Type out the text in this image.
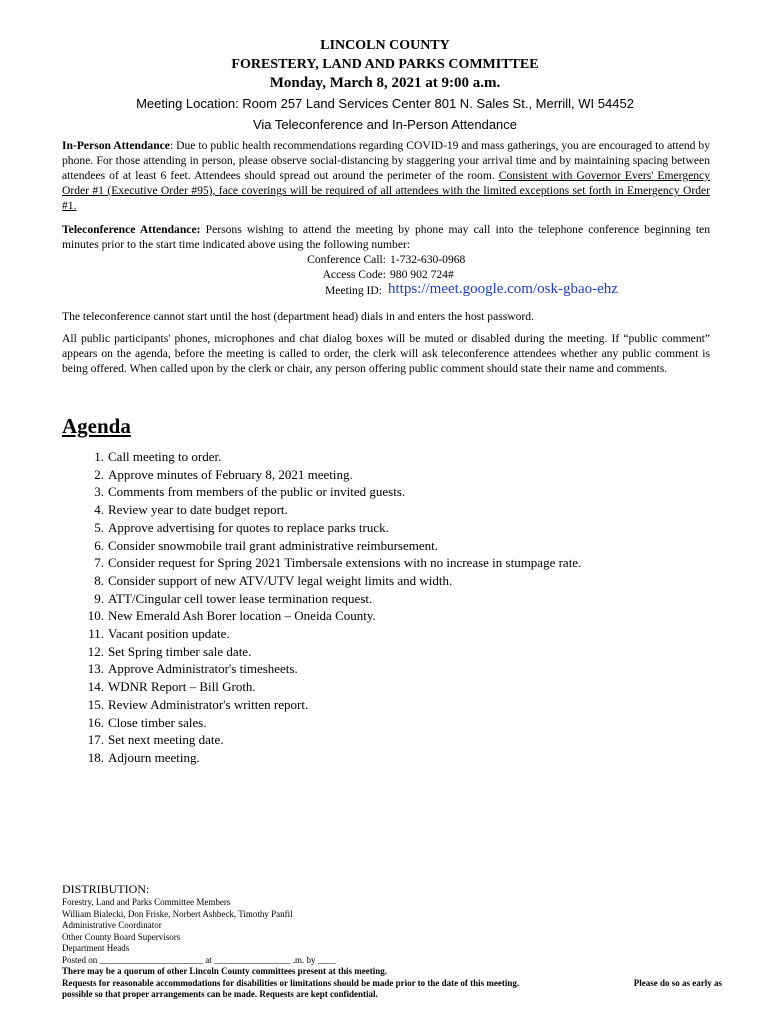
LINCOLN COUNTY
FORESTERY, LAND AND PARKS COMMITTEE
Monday, March 8, 2021 at 9:00 a.m.
Meeting Location: Room 257 Land Services Center 801 N. Sales St., Merrill, WI 54452
Via Teleconference and In-Person Attendance

In-Person Attendance: Due to public health recommendations regarding COVID-19 and mass gatherings, you are encouraged to attend by phone. For those attending in person, please observe social-distancing by staggering your arrival time and by maintaining spacing between attendees of at least 6 feet. Attendees should spread out around the perimeter of the room. Consistent with Governor Evers' Emergency Order #1 (Executive Order #95), face coverings will be required of all attendees with the limited exceptions set forth in Emergency Order #1.

Teleconference Attendance: Persons wishing to attend the meeting by phone may call into the telephone conference beginning ten minutes prior to the start time indicated above using the following number:

Conference Call: 1-732-630-0968
Access Code: 980 902 724#
Meeting ID: https://meet.google.com/osk-gbao-ehz

The teleconference cannot start until the host (department head) dials in and enters the host password.

All public participants' phones, microphones and chat dialog boxes will be muted or disabled during the meeting. If “public comment” appears on the agenda, before the meeting is called to order, the clerk will ask teleconference attendees whether any public comment is being offered. When called upon by the clerk or chair, any person offering public comment should state their name and comments.

Agenda
1. Call meeting to order.
2. Approve minutes of February 8, 2021 meeting.
3. Comments from members of the public or invited guests.
4. Review year to date budget report.
5. Approve advertising for quotes to replace parks truck.
6. Consider snowmobile trail grant administrative reimbursement.
7. Consider request for Spring 2021 Timbersale extensions with no increase in stumpage rate.
8. Consider support of new ATV/UTV legal weight limits and width.
9. ATT/Cingular cell tower lease termination request.
10. New Emerald Ash Borer location – Oneida County.
11. Vacant position update.
12. Set Spring timber sale date.
13. Approve Administrator's timesheets.
14. WDNR Report – Bill Groth.
15. Review Administrator's written report.
16. Close timber sales.
17. Set next meeting date.
18. Adjourn meeting.
DISTRIBUTION:
Forestry, Land and Parks Committee Members
William Bialecki, Don Friske, Norbert Ashbeck, Timothy Panfil
Administrative Coordinator
Other County Board Supervisors
Department Heads
Posted on _______________________ at _________________ .m. by ____
There may be a quorum of other Lincoln County committees present at this meeting.
Requests for reasonable accommodations for disabilities or limitations should be made prior to the date of this meeting.	Please do so as early as
possible so that proper arrangements can be made. Requests are kept confidential.
